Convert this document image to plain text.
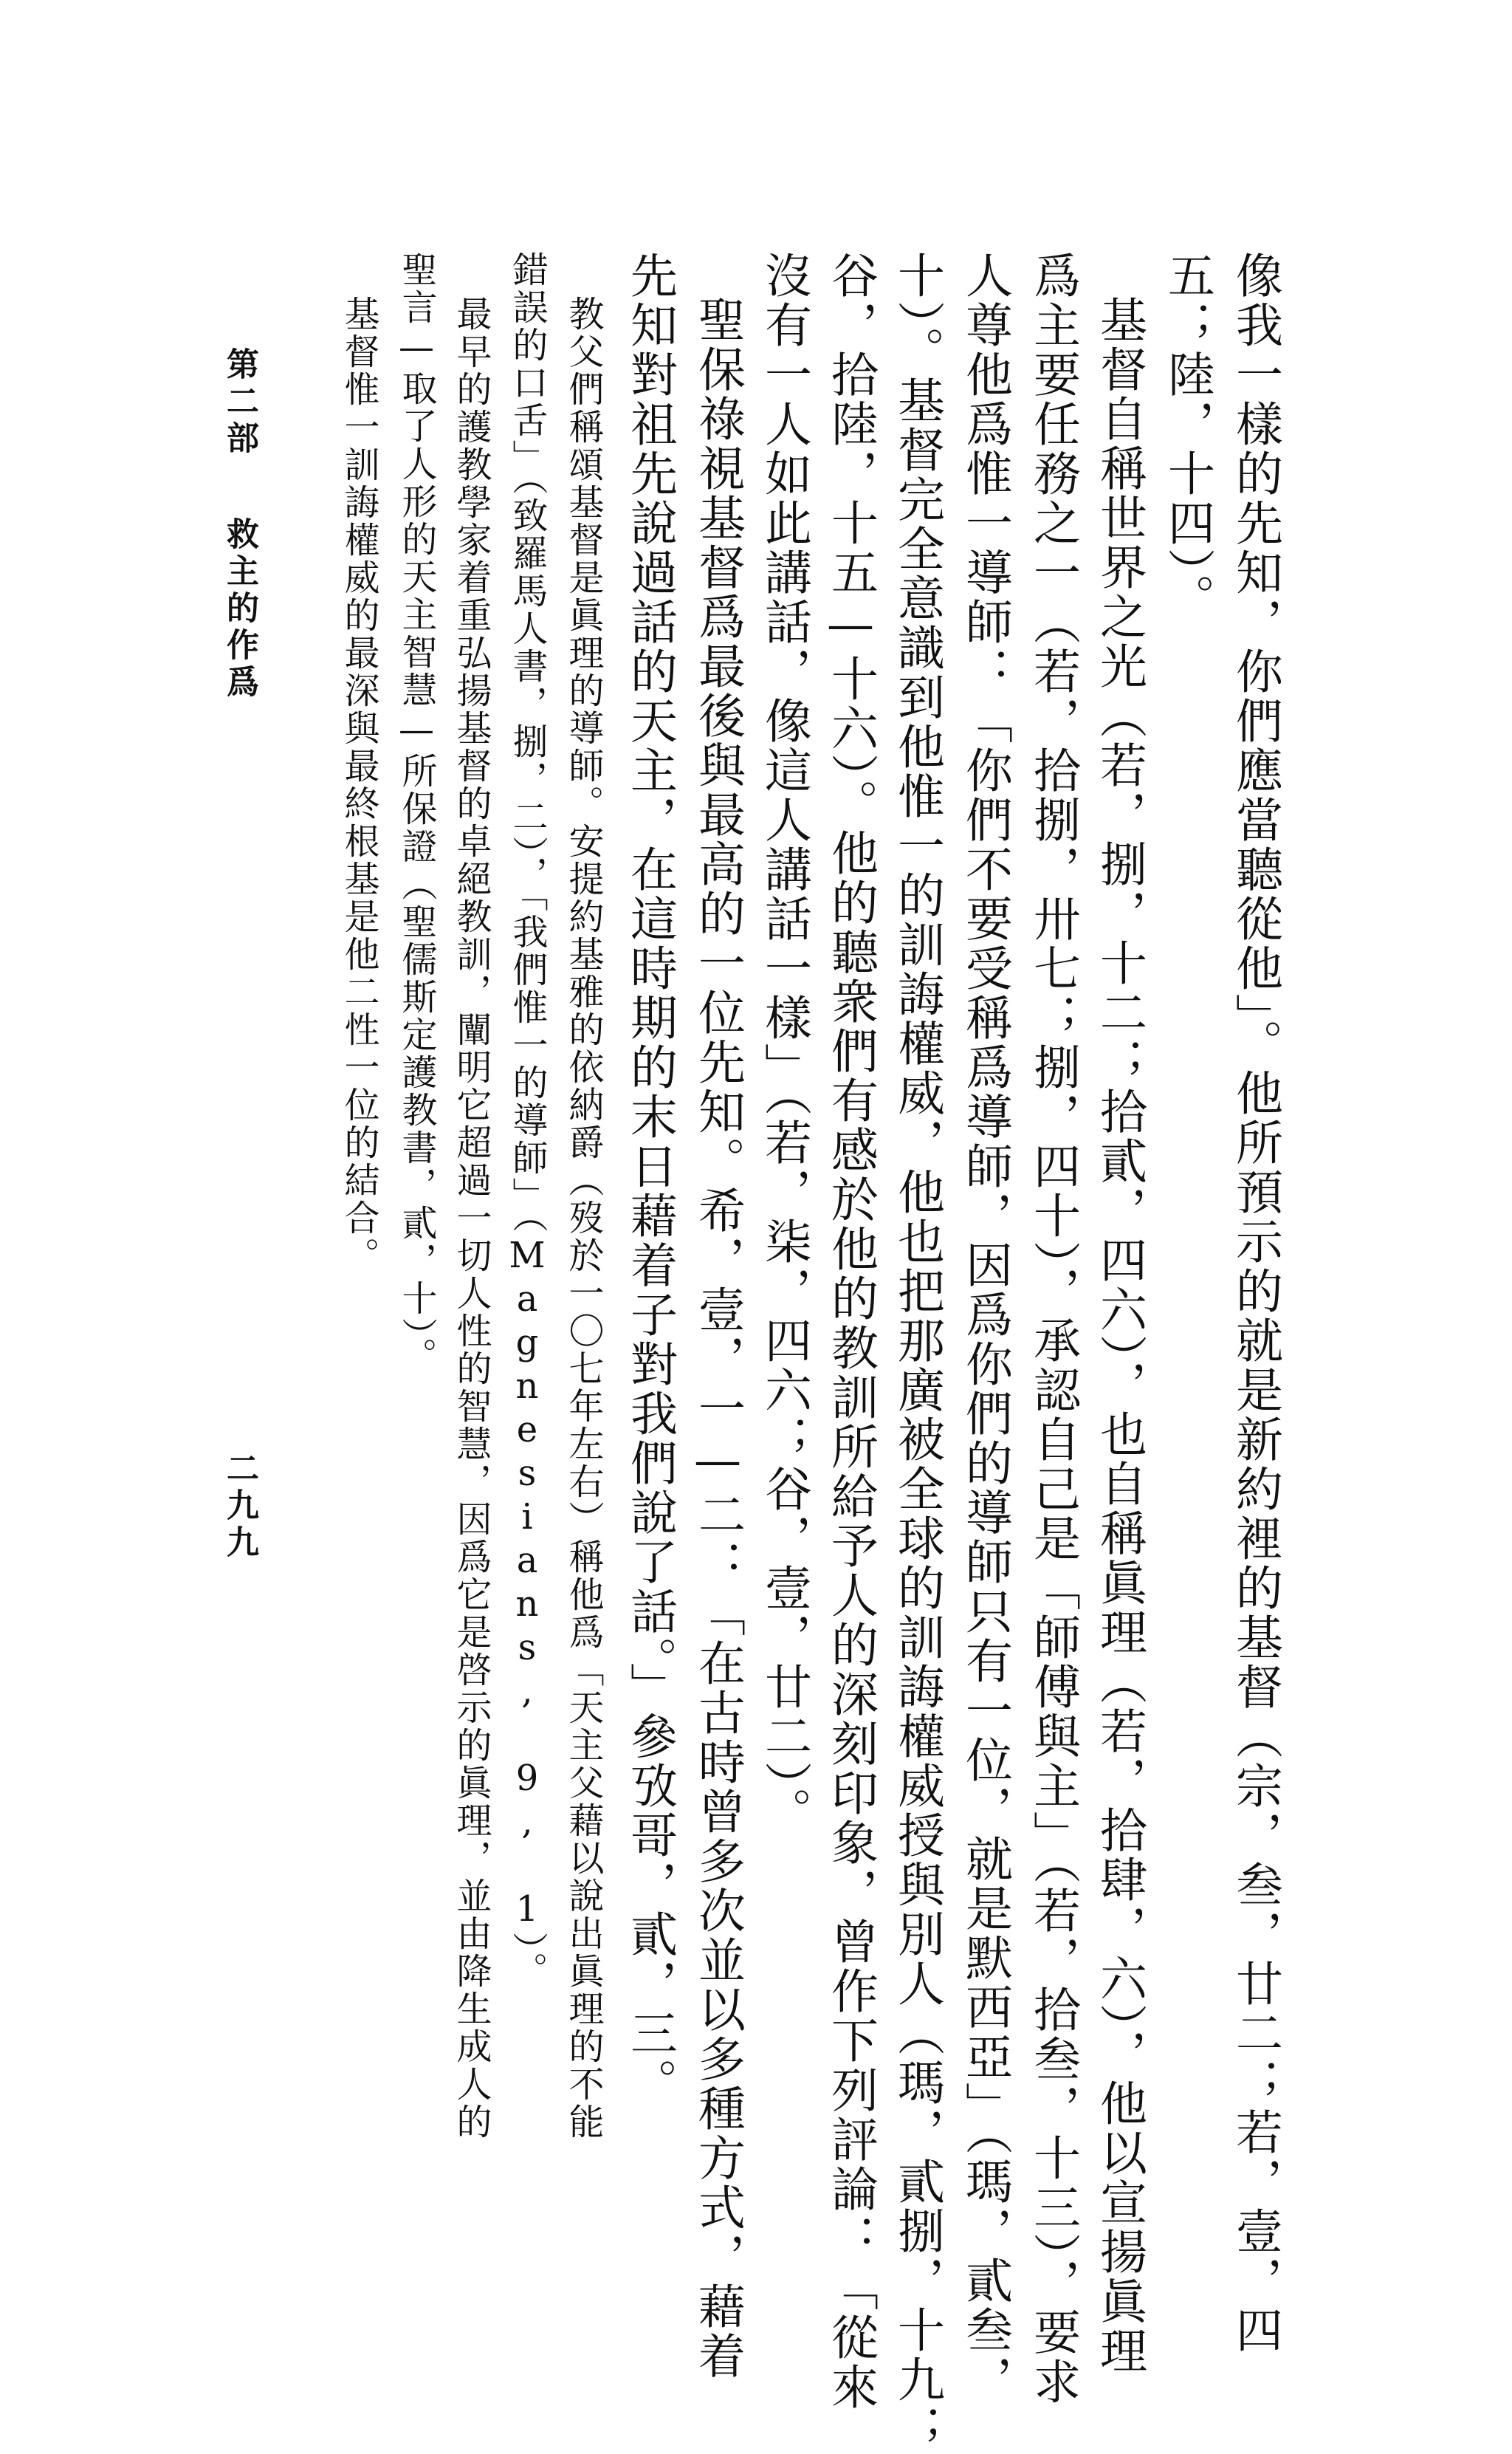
二九九
第二部
救主的作爲	像我一樣的先知，你們應當聽從他」。他所預示的就是新約裡的基督（宗，叁，廿二；若，壹，四
五；陸，十四）。
基督自稱世界之光（若，捌，十二；拾貳，四六），也自稱眞理（若，拾肆，六），他以宣揚眞理
爲主要任務之一（若，拾捌，卅七；捌，四十），承認自己是「師傅與主」（若，拾叁，十三），要求
人尊他爲惟一導師：「你們不要受稱爲導師，因爲你們的導師只有一位，就是默西亞」（瑪，貳叁，
十）。基督完全意識到他惟一的訓誨權威，他也把那廣被全球的訓誨權威授與別人（瑪，貳捌，十九；
谷，拾陸，十五—十六）。他的聽衆們有感於他的教訓所給予人的深刻印象，曾作下列評論：「從來
沒有一人如此講話，像這人講話一樣」（若，柒，四六；谷，壹，廿二）。
聖保祿視基督爲最後與最高的一位先知。希，壹，一—二：「在古時曾多次並以多種方式，藉着
先知對祖先說過話的天主，在這時期的末日藉着子對我們說了話。」參攷哥，貳，三。
教父們稱頌基督是眞理的導師。安提約基雅的依納爵（歿於一〇七年左右）稱他爲「天主父藉以說出眞理的不能
錯誤的口舌」（致羅馬人書，捌，二），「我們惟一的導師」（Magnesians, 9, 1）。
最早的護教學家着重弘揚基督的卓絕教訓，闡明它超過一切人性的智慧，因爲它是啓示的眞理，並由降生成人的
聖言—取了人形的天主智慧—所保證（聖儒斯定護教書，貳，十）。
基督惟一訓誨權威的最深與最終根基是他二性一位的結合。
